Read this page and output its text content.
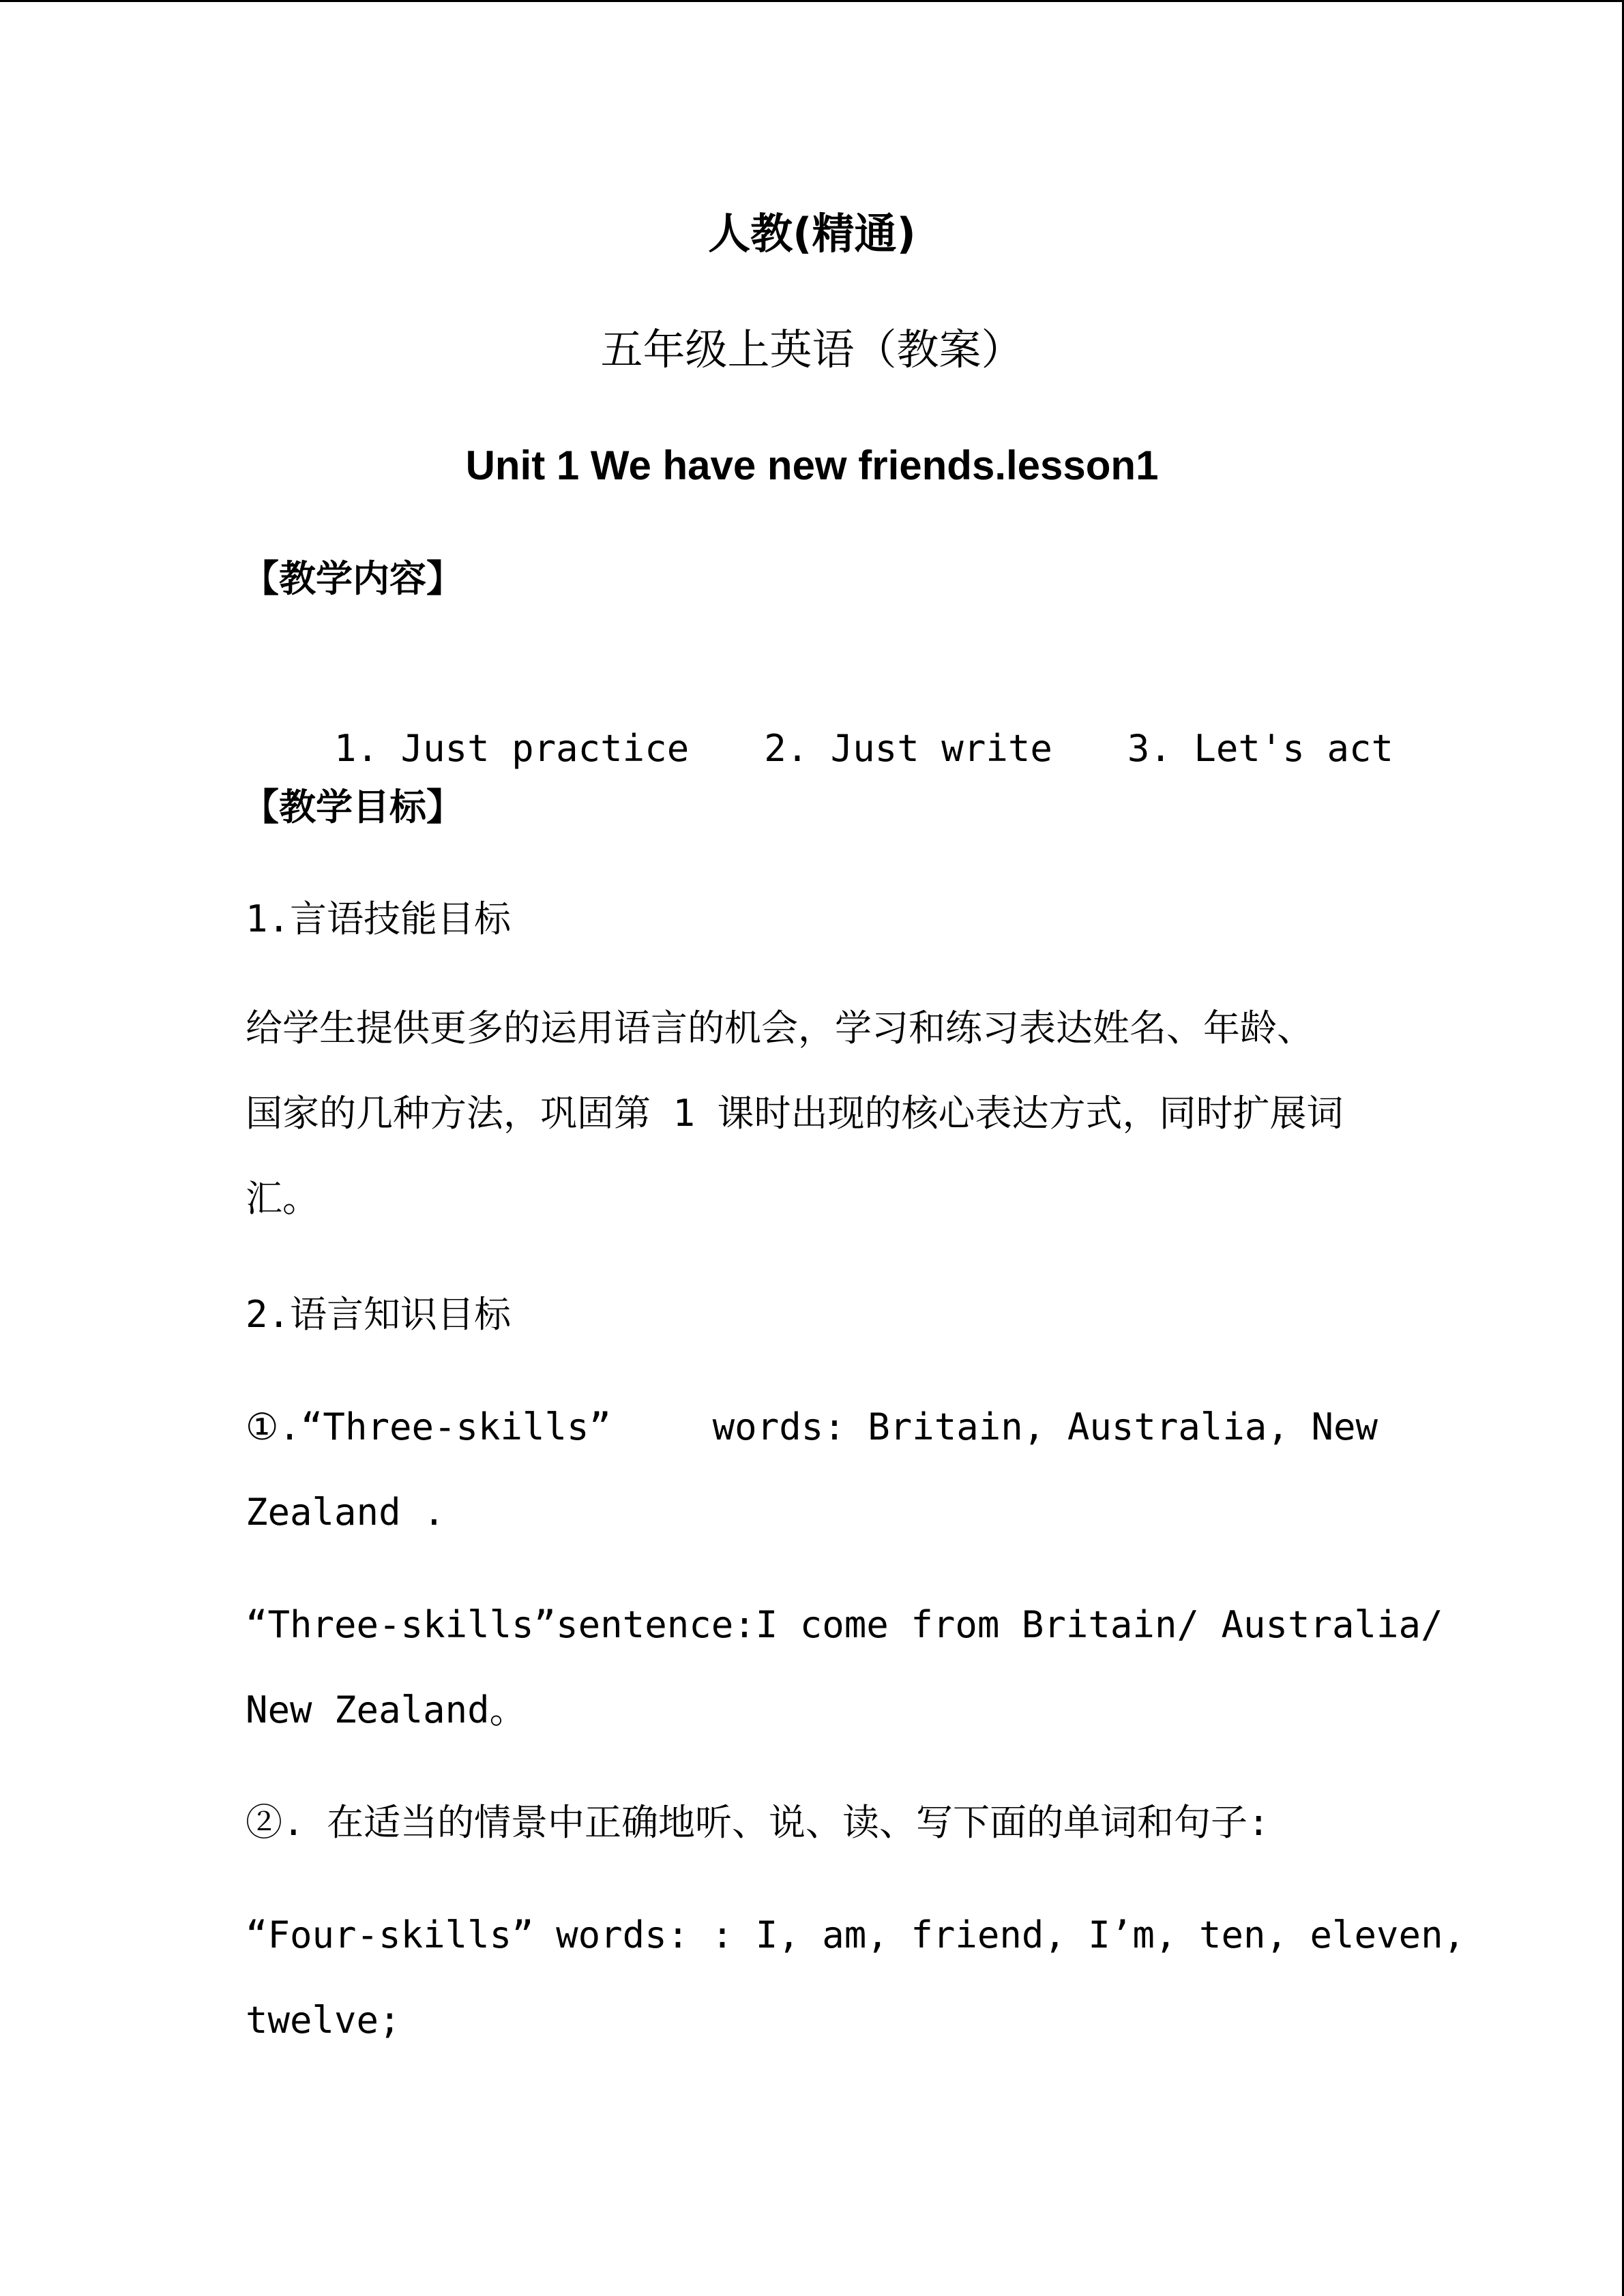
人教(精通)
五年级上英语（教案）
Unit 1 We have new friends.lesson1
【教学内容】

1. Just practice 2. Just write 3. Let's act

【教学目标】
1.言语技能目标
给学生提供更多的运用语言的机会，学习和练习表达姓名、年龄、
国家的几种方法，巩固第 1 课时出现的核心表达方式，同时扩展词
汇。
2.语言知识目标
①.“Three-skills”	words: Britain, Australia, New
Zealand .
“Three-skills”sentence: I come from Britain/ Australia/
New Zealand。
②. 在适当的情景中正确地听、说、读、写下面的单词和句子:
“Four-skills” words: : I, am, friend, I’m, ten, eleven,
twelve;
